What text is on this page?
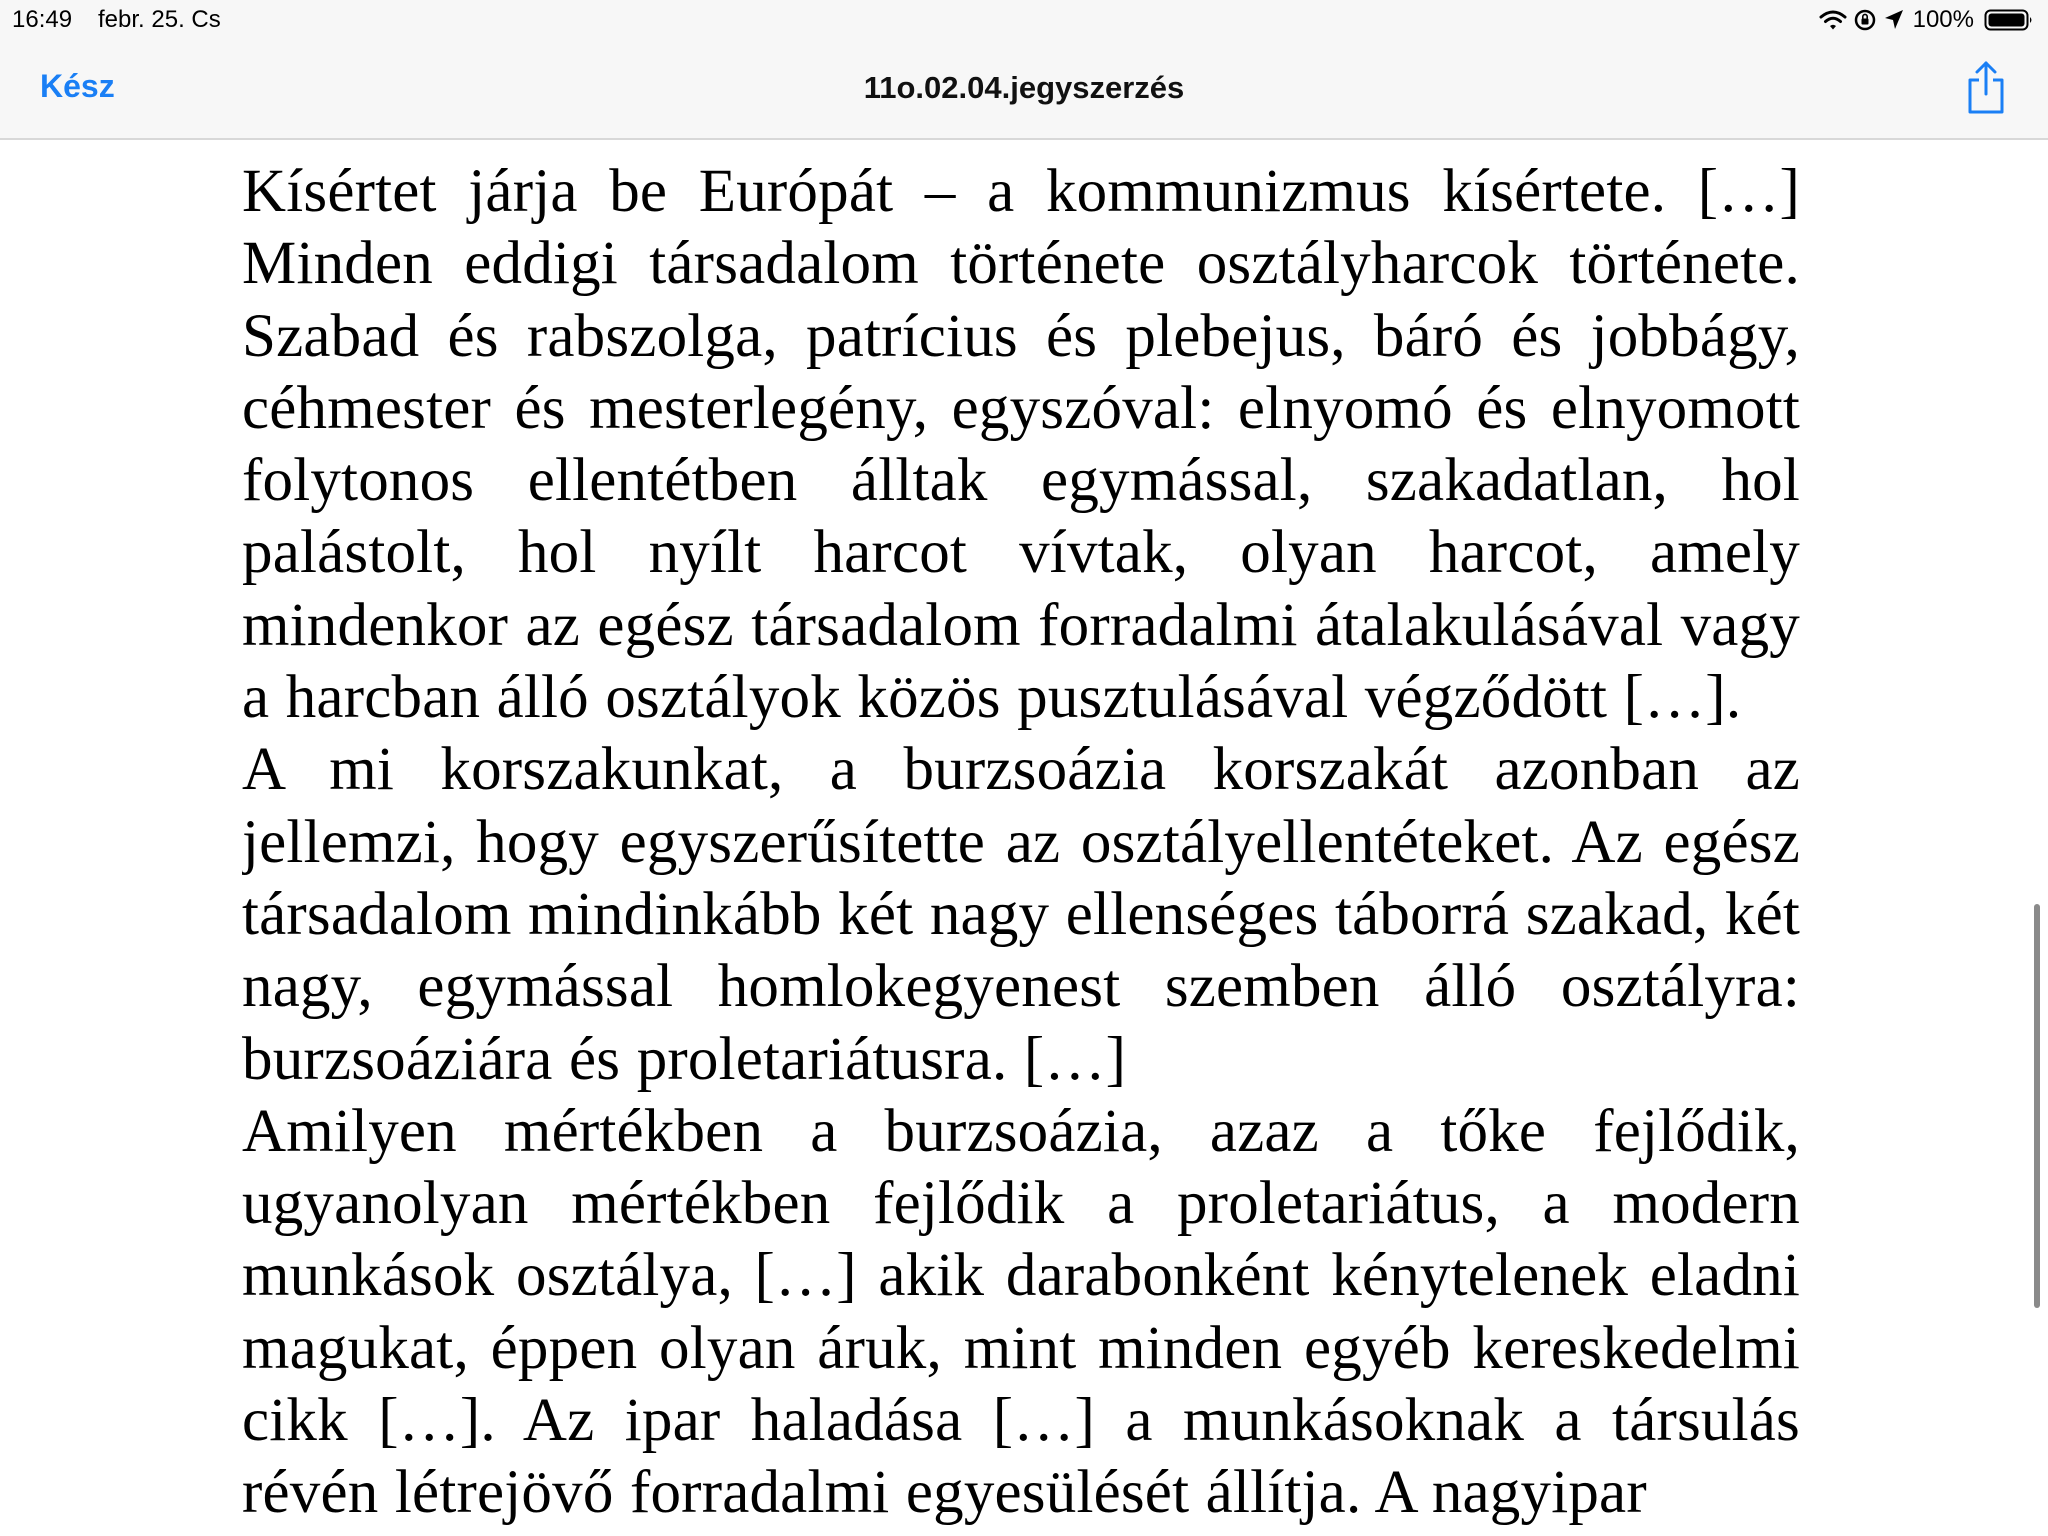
16:49 febr. 25. Cs	100%
Kész	11o.02.04.jegyszerzés

Kísértet járja be Európát – a kommunizmus kísértete. […] Minden eddigi társadalom története osztályharcok története. Szabad és rabszolga, patrícius és plebejus, báró és jobbágy, céhmester és mesterlegény, egyszóval: elnyomó és elnyomott folytonos ellentétben álltak egymással, szakadatlan, hol palástolt, hol nyílt harcot vívtak, olyan harcot, amely mindenkor az egész társadalom forradalmi átalakulásával vagy a harcban álló osztályok közös pusztulásával végződött […].

A mi korszakunkat, a burzsoázia korszakát azonban az jellemzi, hogy egyszerűsítette az osztályellentéteket. Az egész társadalom mindinkább két nagy ellenséges táborrá szakad, két nagy, egymással homlokegyenest szemben álló osztályra: burzsoáziára és proletariátusra. […]

Amilyen mértékben a burzsoázia, azaz a tőke fejlődik, ugyanolyan mértékben fejlődik a proletariátus, a modern munkások osztálya, […] akik darabonként kénytelenek eladni magukat, éppen olyan áruk, mint minden egyéb kereskedelmi cikk […]. Az ipar haladása […] a munkásoknak a társulás révén létrejövő forradalmi egyesülését állítja. A nagyipar
